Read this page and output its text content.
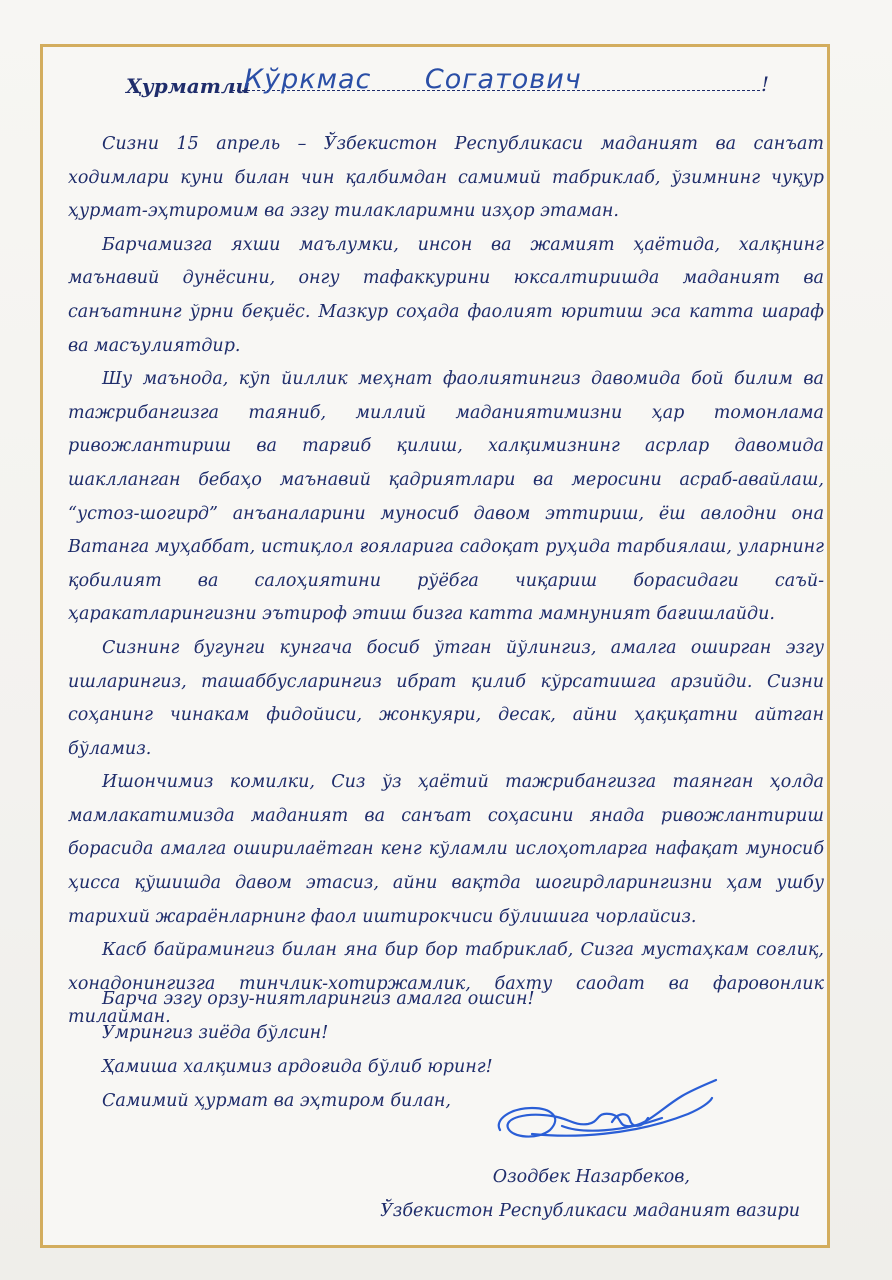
Ҳурматли
Кўркмас Согатович	!

Сизни 15 апрель – Ўзбекистон Республикаси маданият ва санъат ходимлари куни билан чин қалбимдан самимий табриклаб, ўзимнинг чуқур ҳурмат-эҳтиромим ва эзгу тилакларимни изҳор этаман.

Барчамизга яхши маълумки, инсон ва жамият ҳаётида, халқнинг маънавий дунёсини, онгу тафаккурини юксалтиришда маданият ва санъатнинг ўрни беқиёс. Мазкур соҳада фаолият юритиш эса катта шараф ва масъулиятдир.

Шу маънода, кўп йиллик меҳнат фаолиятингиз давомида бой билим ва тажрибангизга таяниб, миллий маданиятимизни ҳар томонлама ривожлантириш ва тарғиб қилиш, халқимизнинг асрлар давомида шаклланган бебаҳо маънавий қадриятлари ва меросини асраб-авайлаш, “устоз-шогирд” анъаналарини муносиб давом эттириш, ёш авлодни она Ватанга муҳаббат, истиқлол ғояларига садоқат руҳида тарбиялаш, уларнинг қобилият ва салоҳиятини рўёбга чиқариш борасидаги саъй-ҳаракатларингизни эътироф этиш бизга катта мамнуният бағишлайди.

Сизнинг бугунги кунгача босиб ўтган йўлингиз, амалга оширган эзгу ишларингиз, ташаббусларингиз ибрат қилиб кўрсатишга арзийди. Сизни соҳанинг чинакам фидойиси, жонкуяри, десак, айни ҳақиқатни айтган бўламиз.

Ишончимиз комилки, Сиз ўз ҳаётий тажрибангизга таянган ҳолда мамлакатимизда маданият ва санъат соҳасини янада ривожлантириш борасида амалга оширилаётган кенг кўламли ислоҳотларга нафақат муносиб ҳисса қўшишда давом этасиз, айни вақтда шогирдларингизни ҳам ушбу тарихий жараёнларнинг фаол иштирокчиси бўлишига чорлайсиз.

Касб байрамингиз билан яна бир бор табриклаб, Сизга мустаҳкам соғлиқ, хонадонингизга тинчлик-хотиржамлик, бахту саодат ва фаровонлик тилайман.

Барча эзгу орзу-ниятларингиз амалга ошсин!
Умрингиз зиёда бўлсин!
Ҳамиша халқимиз ардоғида бўлиб юринг!
Самимий ҳурмат ва эҳтиром билан,
Озодбек Назарбеков,
Ўзбекистон Республикаси маданият вазири
